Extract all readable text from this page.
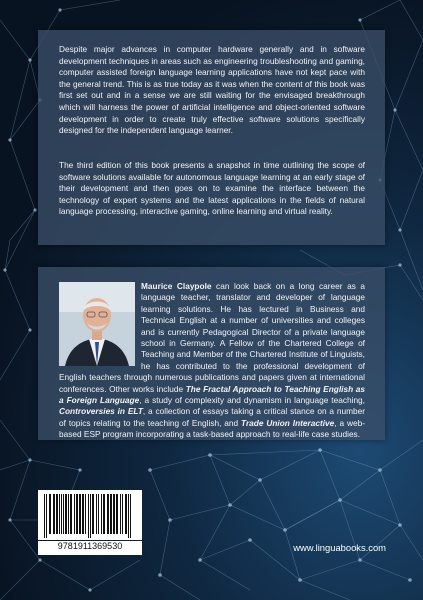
Despite major advances in computer hardware generally and in software development techniques in areas such as engineering troubleshooting and gaming, computer assisted foreign language learning applications have not kept pace with the general trend. This is as true today as it was when the content of this book was first set out and in a sense we are still waiting for the envisaged breakthrough which will harness the power of artificial intelligence and object-oriented software development in order to create truly effective software solutions specifically designed for the independent language learner.

The third edition of this book presents a snapshot in time outlining the scope of software solutions available for autonomous language learning at an early stage of their development and then goes on to examine the interface between the technology of expert systems and the latest applications in the fields of natural language processing, interactive gaming, online learning and virtual reality.

Maurice Claypole can look back on a long career as a language teacher, translator and developer of language learning solutions. He has lectured in Business and Technical English at a number of universities and colleges and is currently Pedagogical Director of a private language school in Germany. A Fellow of the Chartered College of Teaching and Member of the Chartered Institute of Linguists, he has contributed to the professional development of English teachers through numerous publications and papers given at international conferences. Other works include The Fractal Approach to Teaching English as a Foreign Language, a study of complexity and dynamism in language teaching, Controversies in ELT, a collection of essays taking a critical stance on a number of topics relating to the teaching of English, and Trade Union Interactive, a web-based ESP program incorporating a task-based approach to real-life case studies.
9781911369530	www.linguabooks.com
